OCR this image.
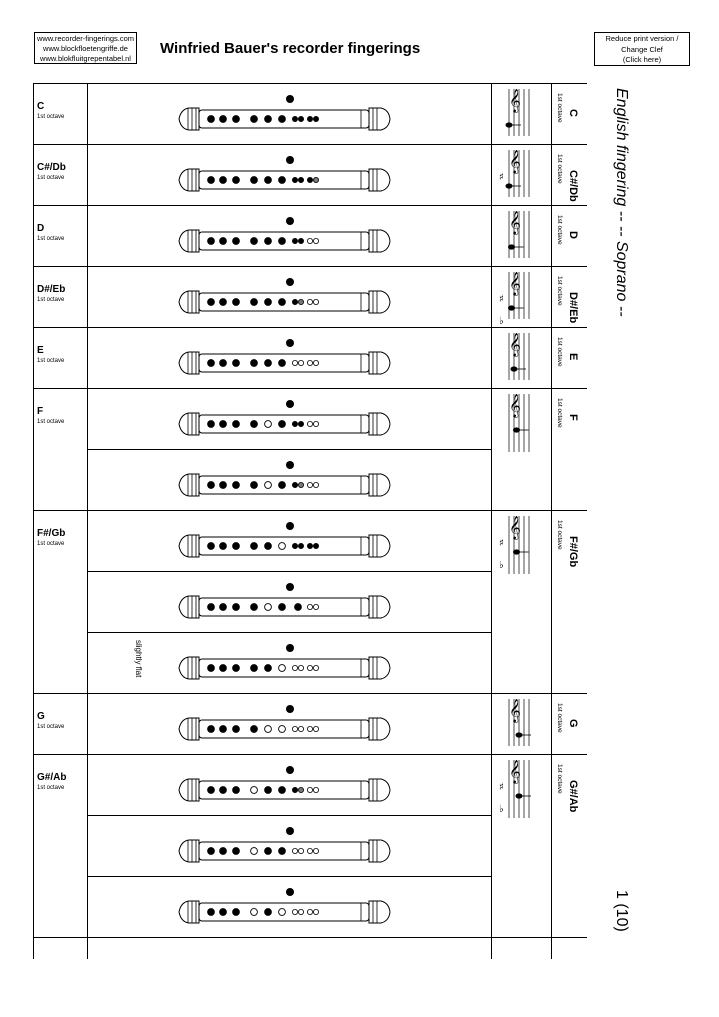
www.recorder-fingerings.com
www.blockfloetengriffe.de
www.blokfluitgrepentabel.nl
Winfried Bauer's recorder fingerings
Reduce print version /
Change Clef
(Click here)
English fingering -- -- Soprano --
1 (10)
C
1st octave
𝄞
C
1st octave
C#/Db
1st octave
𝄞
♯	C#/Db
1st octave
D
1st octave
𝄞
D
1st octave
D#/Eb
1st octave
𝄞
♯
♭	D#/Eb
1st octave
E
1st octave
𝄞
E
1st octave
F
1st octave
𝄞
F
1st octave
F#/Gb
1st octave
slightly flat
𝄞
♯
♭	F#/Gb
1st octave
G
1st octave
𝄞
G
1st octave
G#/Ab
1st octave
𝄞
♯
♭	G#/Ab
1st octave
